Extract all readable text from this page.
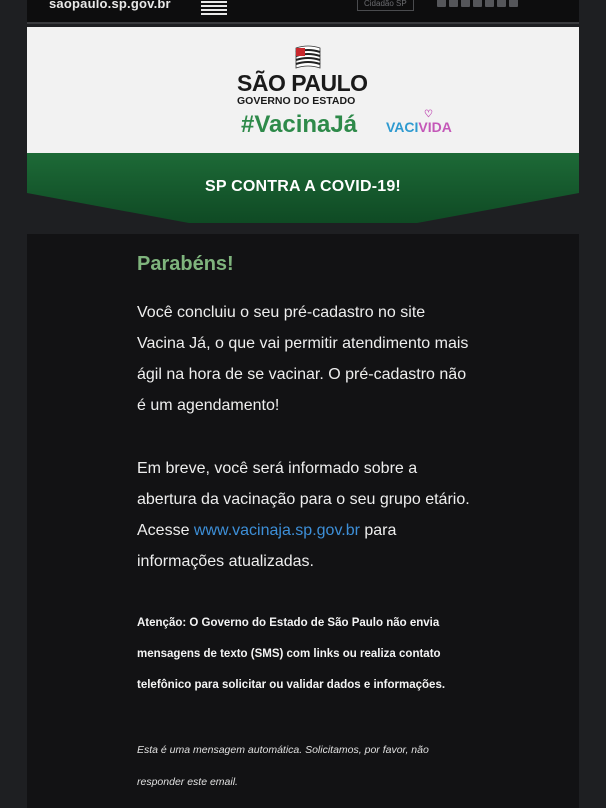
saopaulo.sp.gov.br	Cidadão SP
SÃO PAULO
GOVERNO DO ESTADO
#VacinaJá VACIVIDA
♡
SP CONTRA A COVID-19!
Parabéns!

Você concluiu o seu pré-cadastro no site Vacina Já, o que vai permitir atendimento mais ágil na hora de se vacinar. O pré-cadastro não é um agendamento!

Em breve, você será informado sobre a abertura da vacinação para o seu grupo etário. Acesse www.vacinaja.sp.gov.br para informações atualizadas.

Atenção: O Governo do Estado de São Paulo não envia mensagens de texto (SMS) com links ou realiza contato telefônico para solicitar ou validar dados e informações.

Esta é uma mensagem automática. Solicitamos, por favor, não responder este email.
